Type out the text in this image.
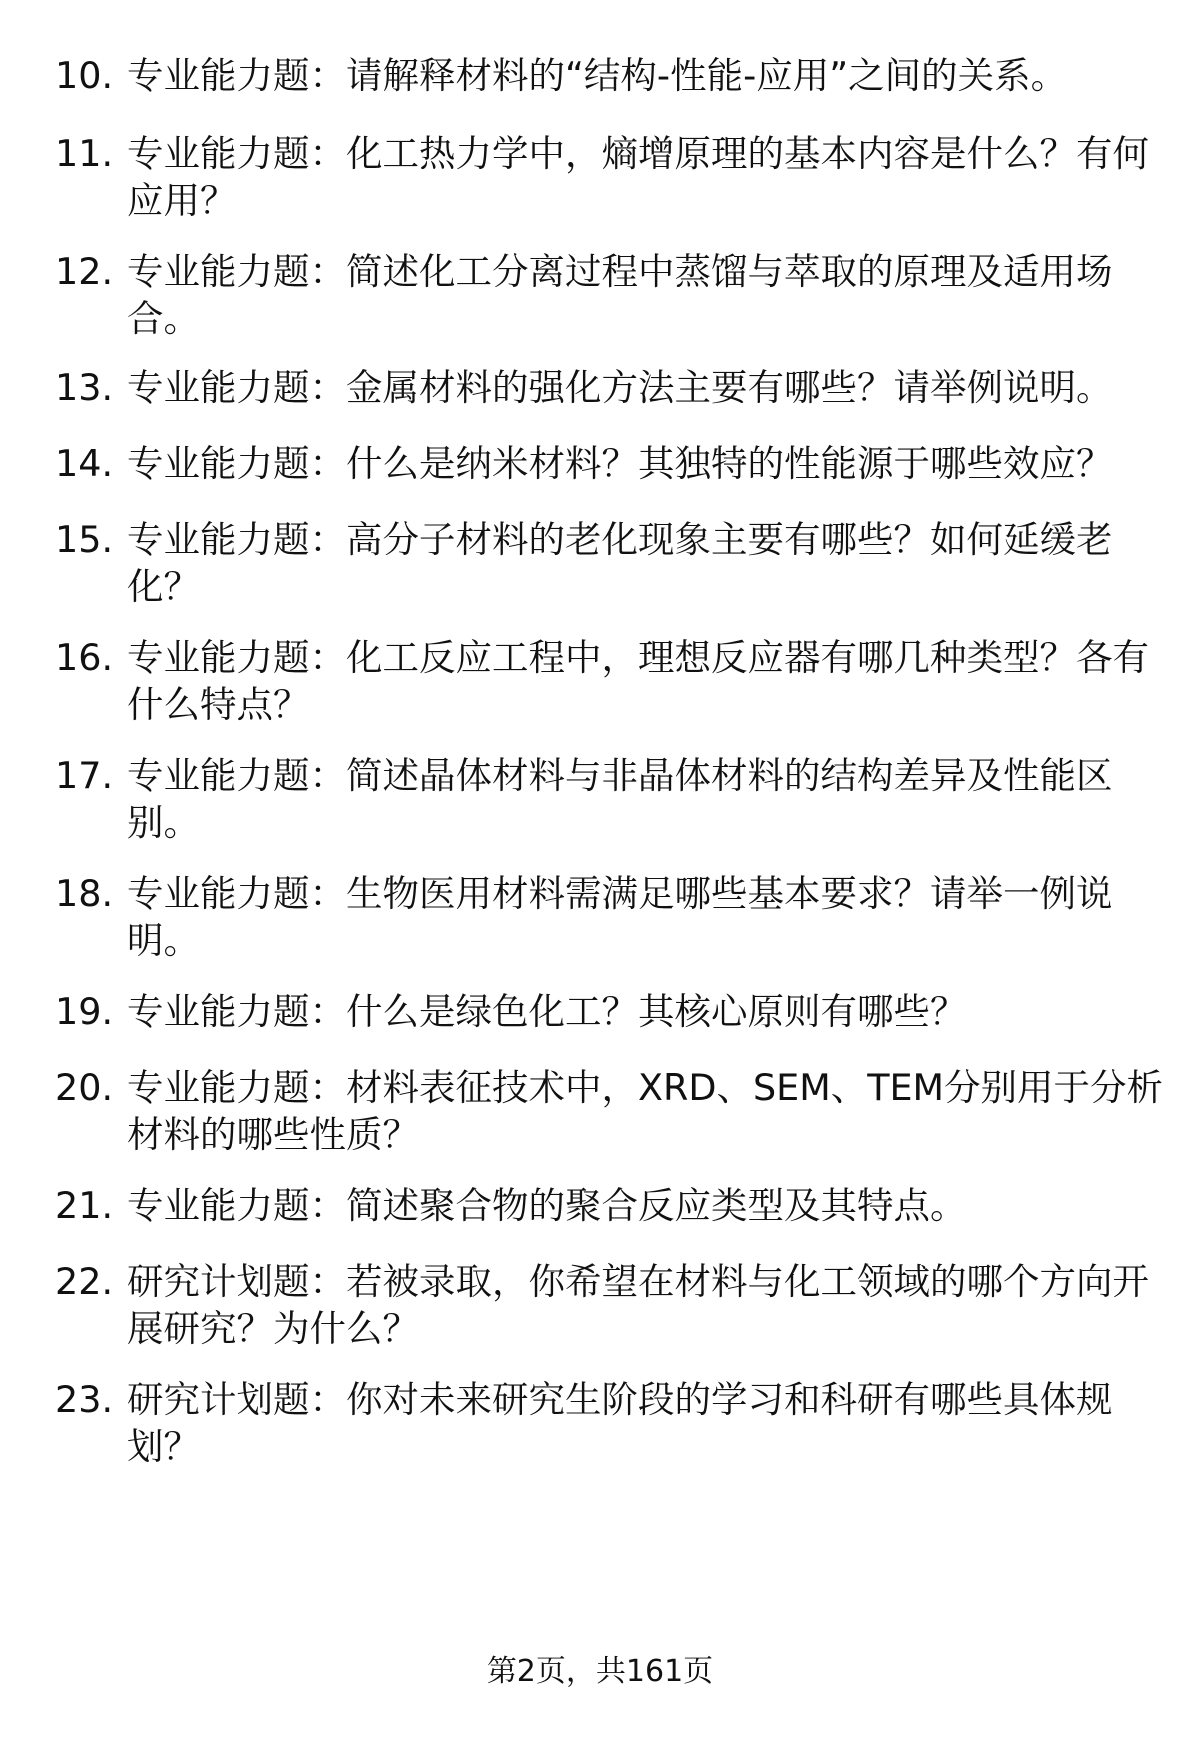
10. 专业能力题：请解释材料的“结构-性能-应用”之间的关系。
11. 专业能力题：化工热力学中，熵增原理的基本内容是什么？有何应用？
12. 专业能力题：简述化工分离过程中蒸馏与萃取的原理及适用场合。
13. 专业能力题：金属材料的强化方法主要有哪些？请举例说明。
14. 专业能力题：什么是纳米材料？其独特的性能源于哪些效应？
15. 专业能力题：高分子材料的老化现象主要有哪些？如何延缓老化？
16. 专业能力题：化工反应工程中，理想反应器有哪几种类型？各有什么特点？
17. 专业能力题：简述晶体材料与非晶体材料的结构差异及性能区别。
18. 专业能力题：生物医用材料需满足哪些基本要求？请举一例说明。
19. 专业能力题：什么是绿色化工？其核心原则有哪些？
20. 专业能力题：材料表征技术中，XRD、SEM、TEM分别用于分析材料的哪些性质？
21. 专业能力题：简述聚合物的聚合反应类型及其特点。
22. 研究计划题：若被录取，你希望在材料与化工领域的哪个方向开展研究？为什么？
23. 研究计划题：你对未来研究生阶段的学习和科研有哪些具体规划？
第2页，共161页
